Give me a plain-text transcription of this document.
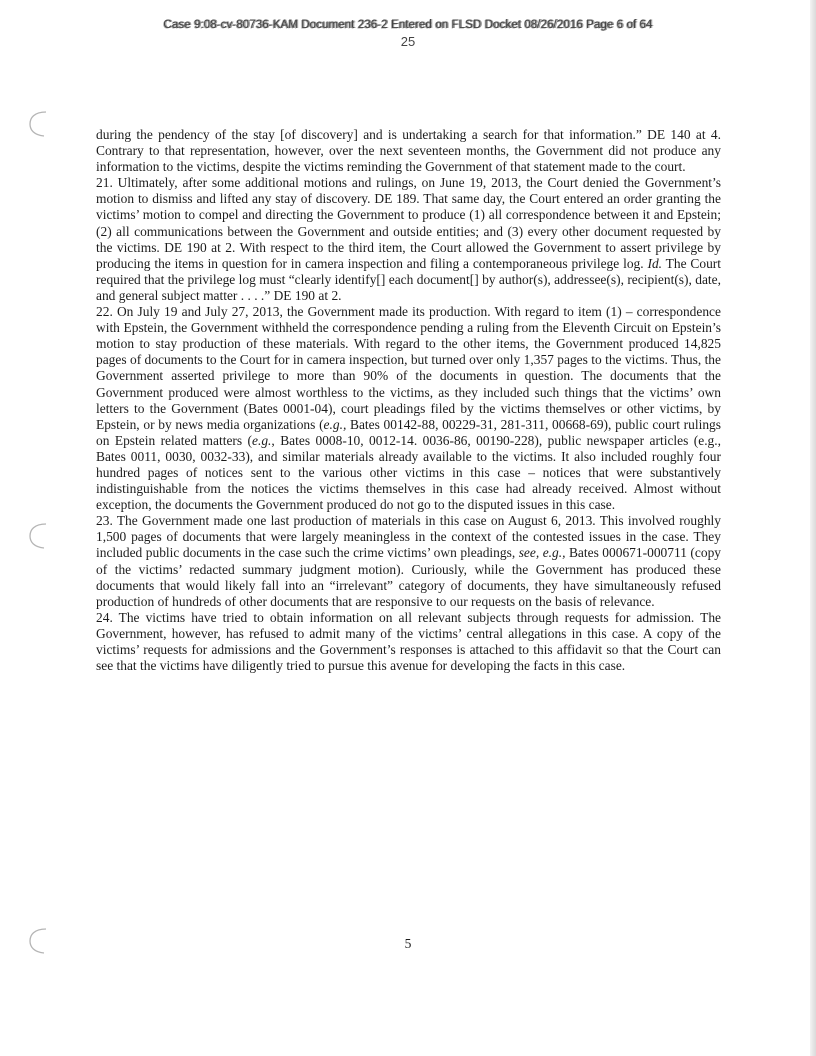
Case 9:08-cv-80736-KAM Document 236-2 Entered on FLSD Docket 08/26/2016 Page 6 of 64
25

during the pendency of the stay [of discovery] and is undertaking a search for that information.” DE 140 at 4. Contrary to that representation, however, over the next seventeen months, the Government did not produce any information to the victims, despite the victims reminding the Government of that statement made to the court.

21. Ultimately, after some additional motions and rulings, on June 19, 2013, the Court denied the Government’s motion to dismiss and lifted any stay of discovery. DE 189. That same day, the Court entered an order granting the victims’ motion to compel and directing the Government to produce (1) all correspondence between it and Epstein; (2) all communications between the Government and outside entities; and (3) every other document requested by the victims. DE 190 at 2. With respect to the third item, the Court allowed the Government to assert privilege by producing the items in question for in camera inspection and filing a contemporaneous privilege log. Id. The Court required that the privilege log must “clearly identify[] each document[] by author(s), addressee(s), recipient(s), date, and general subject matter . . . .” DE 190 at 2.

22. On July 19 and July 27, 2013, the Government made its production. With regard to item (1) – correspondence with Epstein, the Government withheld the correspondence pending a ruling from the Eleventh Circuit on Epstein’s motion to stay production of these materials. With regard to the other items, the Government produced 14,825 pages of documents to the Court for in camera inspection, but turned over only 1,357 pages to the victims. Thus, the Government asserted privilege to more than 90% of the documents in question. The documents that the Government produced were almost worthless to the victims, as they included such things that the victims’ own letters to the Government (Bates 0001-04), court pleadings filed by the victims themselves or other victims, by Epstein, or by news media organizations (e.g., Bates 00142-88, 00229-31, 281-311, 00668-69), public court rulings on Epstein related matters (e.g., Bates 0008-10, 0012-14. 0036-86, 00190-228), public newspaper articles (e.g., Bates 0011, 0030, 0032-33), and similar materials already available to the victims. It also included roughly four hundred pages of notices sent to the various other victims in this case – notices that were substantively indistinguishable from the notices the victims themselves in this case had already received. Almost without exception, the documents the Government produced do not go to the disputed issues in this case.

23. The Government made one last production of materials in this case on August 6, 2013. This involved roughly 1,500 pages of documents that were largely meaningless in the context of the contested issues in the case. They included public documents in the case such the crime victims’ own pleadings, see, e.g., Bates 000671-000711 (copy of the victims’ redacted summary judgment motion). Curiously, while the Government has produced these documents that would likely fall into an “irrelevant” category of documents, they have simultaneously refused production of hundreds of other documents that are responsive to our requests on the basis of relevance.

24. The victims have tried to obtain information on all relevant subjects through requests for admission. The Government, however, has refused to admit many of the victims’ central allegations in this case. A copy of the victims’ requests for admissions and the Government’s responses is attached to this affidavit so that the Court can see that the victims have diligently tried to pursue this avenue for developing the facts in this case.

5
